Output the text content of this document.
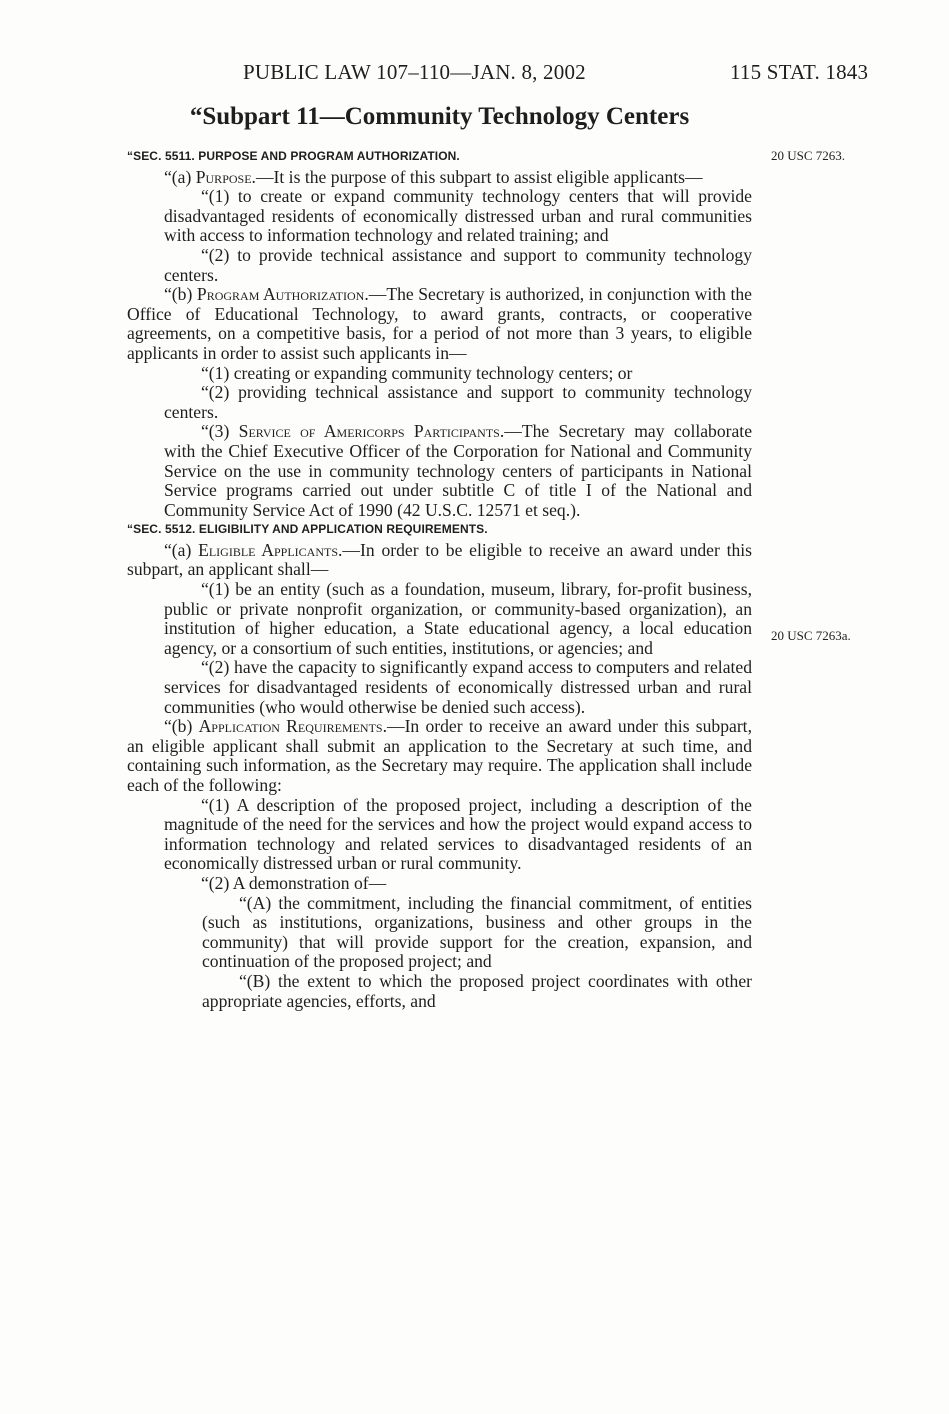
PUBLIC LAW 107–110—JAN. 8, 2002	115 STAT. 1843
“Subpart 11—Community Technology Centers
20 USC 7263.
20 USC 7263a.

“SEC. 5511. PURPOSE AND PROGRAM AUTHORIZATION.

“(a) Purpose.—It is the purpose of this subpart to assist eligible applicants—

“(1) to create or expand community technology centers that will provide disadvantaged residents of economically distressed urban and rural communities with access to information technology and related training; and

“(2) to provide technical assistance and support to community technology centers.

“(b) Program Authorization.—The Secretary is authorized, in conjunction with the Office of Educational Technology, to award grants, contracts, or cooperative agreements, on a competitive basis, for a period of not more than 3 years, to eligible applicants in order to assist such applicants in—

“(1) creating or expanding community technology centers; or

“(2) providing technical assistance and support to community technology centers.

“(3) Service of Americorps Participants.—The Secretary may collaborate with the Chief Executive Officer of the Corporation for National and Community Service on the use in community technology centers of participants in National Service programs carried out under subtitle C of title I of the National and Community Service Act of 1990 (42 U.S.C. 12571 et seq.).

“SEC. 5512. ELIGIBILITY AND APPLICATION REQUIREMENTS.

“(a) Eligible Applicants.—In order to be eligible to receive an award under this subpart, an applicant shall—

“(1) be an entity (such as a foundation, museum, library, for-profit business, public or private nonprofit organization, or community-based organization), an institution of higher education, a State educational agency, a local education agency, or a consortium of such entities, institutions, or agencies; and

“(2) have the capacity to significantly expand access to computers and related services for disadvantaged residents of economically distressed urban and rural communities (who would otherwise be denied such access).

“(b) Application Requirements.—In order to receive an award under this subpart, an eligible applicant shall submit an application to the Secretary at such time, and containing such information, as the Secretary may require. The application shall include each of the following:

“(1) A description of the proposed project, including a description of the magnitude of the need for the services and how the project would expand access to information technology and related services to disadvantaged residents of an economically distressed urban or rural community.

“(2) A demonstration of—

“(A) the commitment, including the financial commitment, of entities (such as institutions, organizations, business and other groups in the community) that will provide support for the creation, expansion, and continuation of the proposed project; and

“(B) the extent to which the proposed project coordinates with other appropriate agencies, efforts, and
